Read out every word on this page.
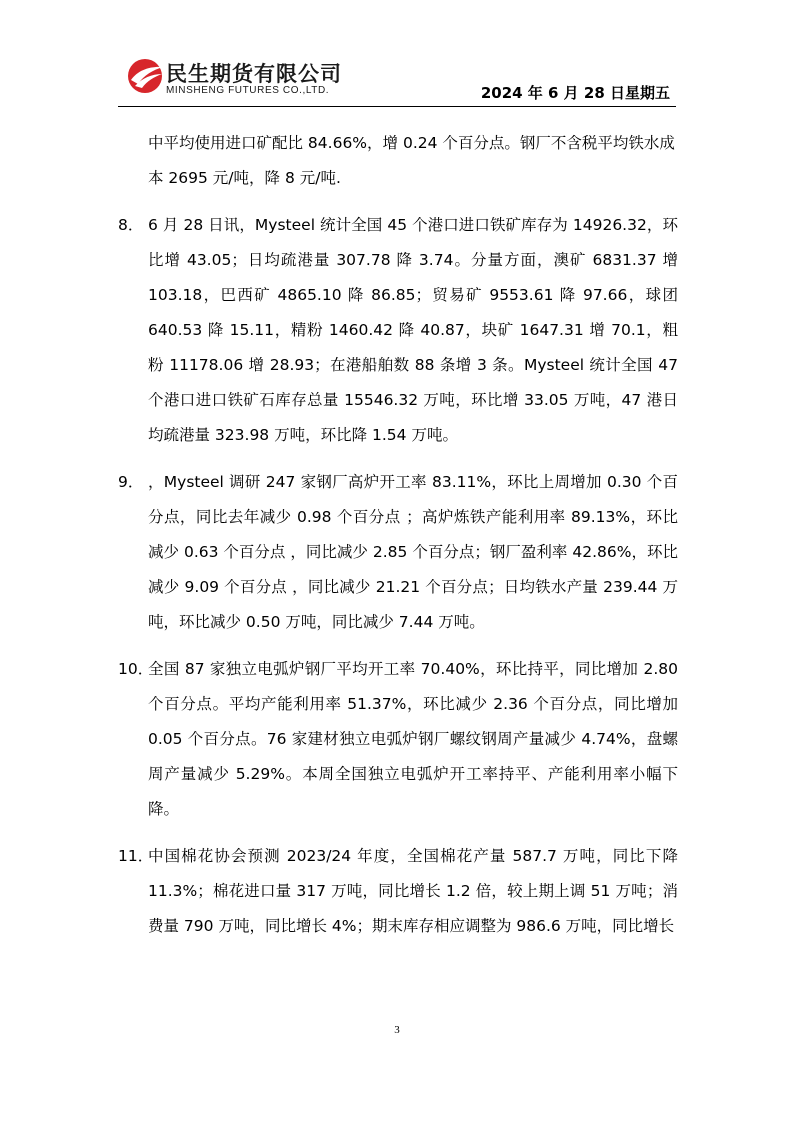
民生期货有限公司
MINSHENG FUTURES CO.,LTD.	2024 年 6 月 28 日星期五

中平均使用进口矿配比 84.66%，增 0.24 个百分点。钢厂不含税平均铁水成本 2695 元/吨，降 8 元/吨.

8． 6 月 28 日讯，Mysteel 统计全国 45 个港口进口铁矿库存为 14926.32，环比增 43.05；日均疏港量 307.78 降 3.74。分量方面，澳矿 6831.37 增 103.18，巴西矿 4865.10 降 86.85；贸易矿 9553.61 降 97.66，球团 640.53 降 15.11，精粉 1460.42 降 40.87，块矿 1647.31 增 70.1，粗粉 11178.06 增 28.93；在港船舶数 88 条增 3 条。Mysteel 统计全国 47 个港口进口铁矿石库存总量 15546.32 万吨，环比增 33.05 万吨，47 港日均疏港量 323.98 万吨，环比降 1.54 万吨。
9． ，Mysteel 调研 247 家钢厂高炉开工率 83.11%，环比上周增加 0.30 个百分点，同比去年减少 0.98 个百分点 ；高炉炼铁产能利用率 89.13%，环比减少 0.63 个百分点 ，同比减少 2.85 个百分点；钢厂盈利率 42.86%，环比减少 9.09 个百分点 ，同比减少 21.21 个百分点；日均铁水产量 239.44 万吨，环比减少 0.50 万吨，同比减少 7.44 万吨。
10．
全国 87 家独立电弧炉钢厂平均开工率 70.40%，环比持平，同比增加 2.80 个百分点。平均产能利用率 51.37%，环比减少 2.36 个百分点，同比增加 0.05 个百分点。76 家建材独立电弧炉钢厂螺纹钢周产量减少 4.74%，盘螺周产量减少 5.29%。本周全国独立电弧炉开工率持平、产能利用率小幅下降。
11．
中国棉花协会预测 2023/24 年度，全国棉花产量 587.7 万吨，同比下降 11.3%；棉花进口量 317 万吨，同比增长 1.2 倍，较上期上调 51 万吨；消费量 790 万吨，同比增长 4%；期末库存相应调整为 986.6 万吨，同比增长
3
